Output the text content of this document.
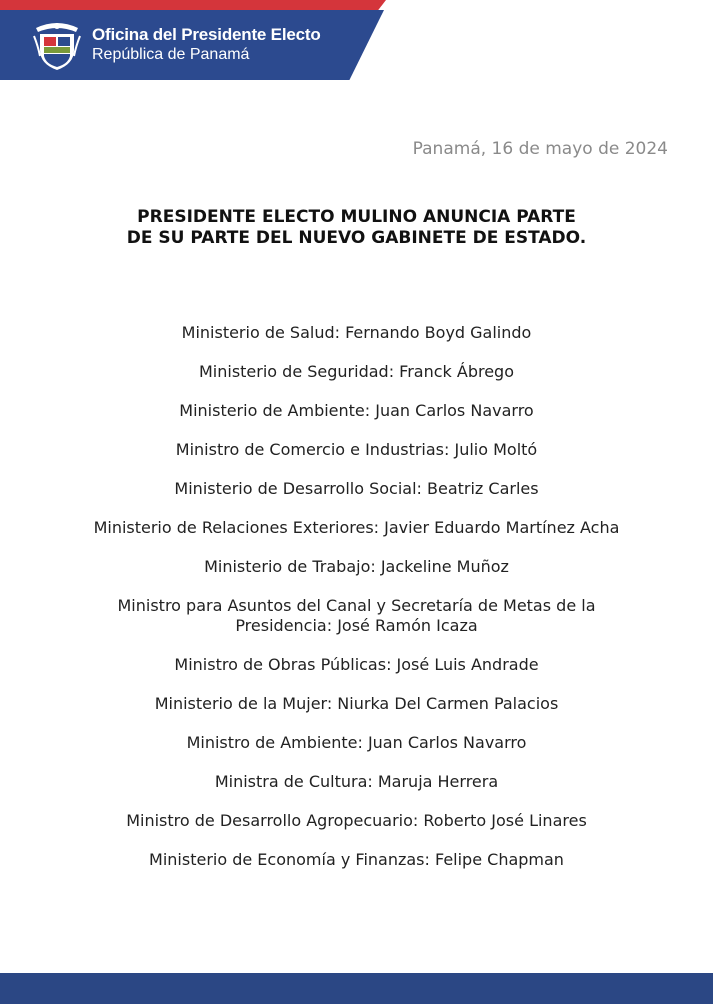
Oficina del Presidente Electo
República de Panamá
Panamá, 16 de mayo de 2024
PRESIDENTE ELECTO MULINO ANUNCIA PARTE
DE SU PARTE DEL NUEVO GABINETE DE ESTADO.
Ministerio de Salud: Fernando Boyd Galindo
Ministerio de Seguridad: Franck Ábrego
Ministerio de Ambiente: Juan Carlos Navarro
Ministro de Comercio e Industrias: Julio Moltó
Ministerio de Desarrollo Social: Beatriz Carles
Ministerio de Relaciones Exteriores: Javier Eduardo Martínez Acha
Ministerio de Trabajo: Jackeline Muñoz
Ministro para Asuntos del Canal y Secretaría de Metas de la Presidencia: José Ramón Icaza
Ministro de Obras Públicas: José Luis Andrade
Ministerio de la Mujer: Niurka Del Carmen Palacios
Ministro de Ambiente: Juan Carlos Navarro
Ministra de Cultura: Maruja Herrera
Ministro de Desarrollo Agropecuario: Roberto José Linares
Ministerio de Economía y Finanzas: Felipe Chapman
